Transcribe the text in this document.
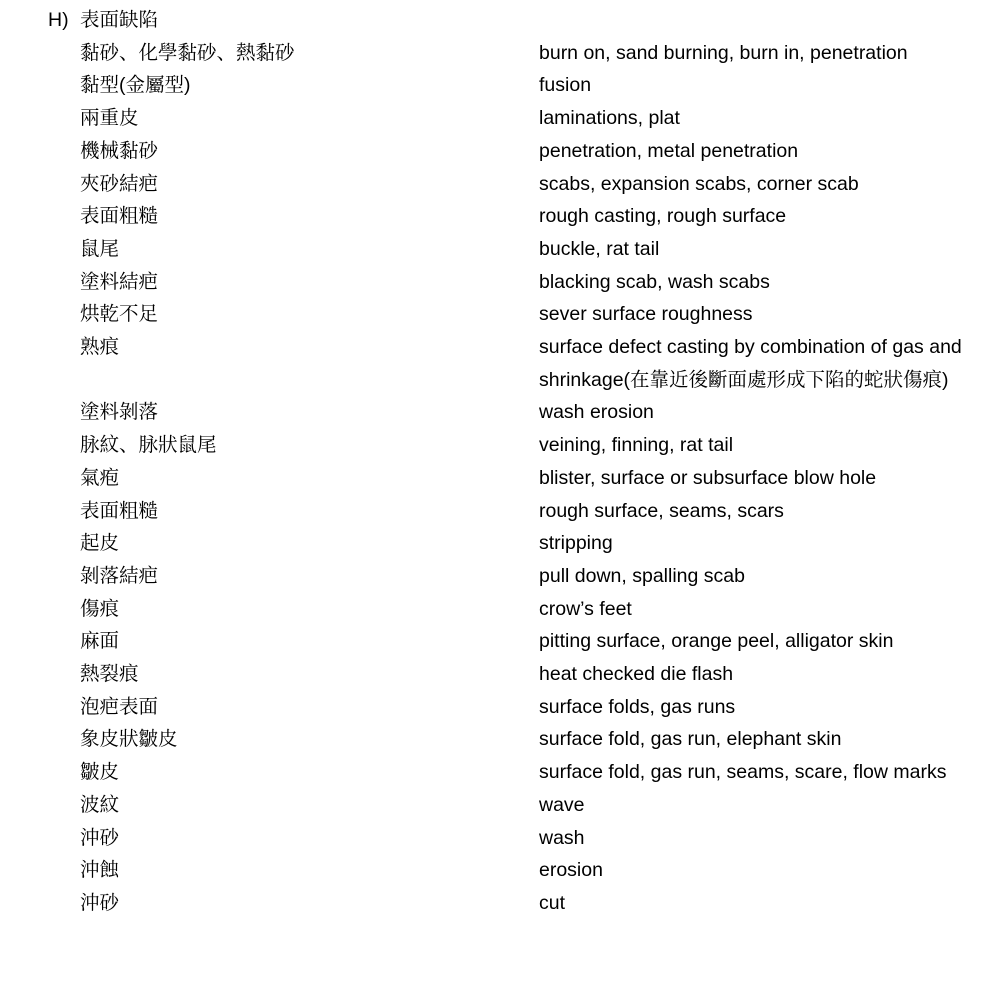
H) 表面缺陷
黏砂、化學黏砂、熱黏砂	burn on, sand burning, burn in, penetration
黏型(金屬型)	fusion
兩重皮	laminations, plat
機械黏砂	penetration, metal penetration
夾砂結疤	scabs, expansion scabs, corner scab
表面粗糙	rough casting, rough surface
鼠尾	buckle, rat tail
塗料結疤	blacking scab, wash scabs
烘乾不足	sever surface roughness
熟痕	surface defect casting by combination of gas and shrinkage(在靠近後斷面處形成下陷的蛇狀傷痕)
塗料剝落	wash erosion
脉紋、脉狀鼠尾	veining, finning, rat tail
氣疱	blister, surface or subsurface blow hole
表面粗糙	rough surface, seams, scars
起皮	stripping
剝落結疤	pull down, spalling scab
傷痕	crow’s feet
麻面	pitting surface, orange peel, alligator skin
熱裂痕	heat checked die flash
泡疤表面	surface folds, gas runs
象皮狀皺皮	surface fold, gas run, elephant skin
皺皮	surface fold, gas run, seams, scare, flow marks
波紋	wave
沖砂	wash
沖蝕	erosion
沖砂	cut
